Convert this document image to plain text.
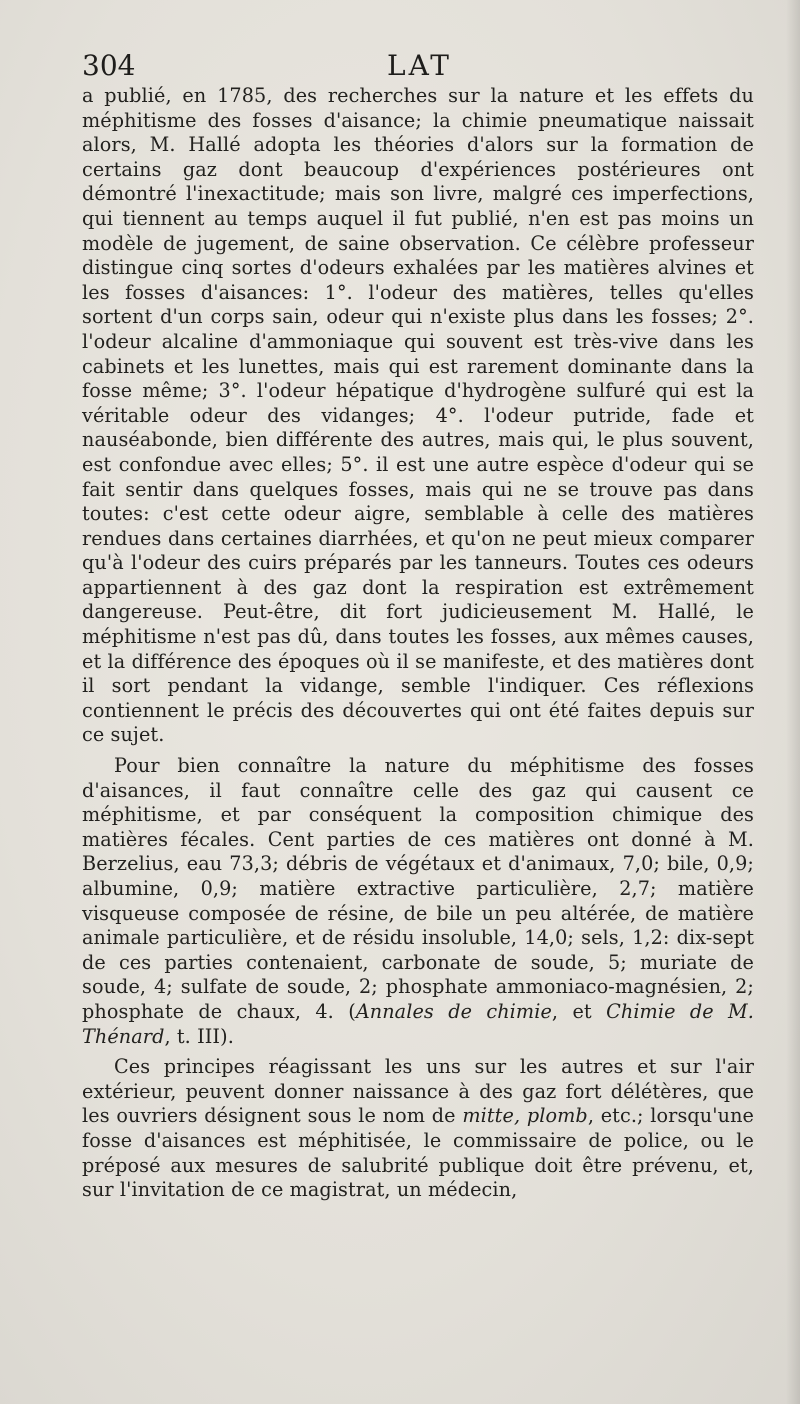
304	LAT

a publié, en 1785, des recherches sur la nature et les effets du méphitisme des fosses d'aisance; la chimie pneumatique naissait alors, M. Hallé adopta les théories d'alors sur la formation de certains gaz dont beaucoup d'expériences postérieures ont démontré l'inexactitude; mais son livre, malgré ces imperfections, qui tiennent au temps auquel il fut publié, n'en est pas moins un modèle de jugement, de saine observation. Ce célèbre professeur distingue cinq sortes d'odeurs exhalées par les matières alvines et les fosses d'aisances: 1°. l'odeur des matières, telles qu'elles sortent d'un corps sain, odeur qui n'existe plus dans les fosses; 2°. l'odeur alcaline d'ammoniaque qui souvent est très-vive dans les cabinets et les lunettes, mais qui est rarement dominante dans la fosse même; 3°. l'odeur hépatique d'hydrogène sulfuré qui est la véritable odeur des vidanges; 4°. l'odeur putride, fade et nauséabonde, bien différente des autres, mais qui, le plus souvent, est confondue avec elles; 5°. il est une autre espèce d'odeur qui se fait sentir dans quelques fosses, mais qui ne se trouve pas dans toutes: c'est cette odeur aigre, semblable à celle des matières rendues dans certaines diarrhées, et qu'on ne peut mieux comparer qu'à l'odeur des cuirs préparés par les tanneurs. Toutes ces odeurs appartiennent à des gaz dont la respiration est extrêmement dangereuse. Peut-être, dit fort judicieusement M. Hallé, le méphitisme n'est pas dû, dans toutes les fosses, aux mêmes causes, et la différence des époques où il se manifeste, et des matières dont il sort pendant la vidange, semble l'indiquer. Ces réflexions contiennent le précis des découvertes qui ont été faites depuis sur ce sujet.

Pour bien connaître la nature du méphitisme des fosses d'aisances, il faut connaître celle des gaz qui causent ce méphitisme, et par conséquent la composition chimique des matières fécales. Cent parties de ces matières ont donné à M. Berzelius, eau 73,3; débris de végétaux et d'animaux, 7,0; bile, 0,9; albumine, 0,9; matière extractive particulière, 2,7; matière visqueuse composée de résine, de bile un peu altérée, de matière animale particulière, et de résidu insoluble, 14,0; sels, 1,2: dix-sept de ces parties contenaient, carbonate de soude, 5; muriate de soude, 4; sulfate de soude, 2; phosphate ammoniaco-magnésien, 2; phosphate de chaux, 4. (Annales de chimie, et Chimie de M. Thénard, t. III).

Ces principes réagissant les uns sur les autres et sur l'air extérieur, peuvent donner naissance à des gaz fort délétères, que les ouvriers désignent sous le nom de mitte, plomb, etc.; lorsqu'une fosse d'aisances est méphitisée, le commissaire de police, ou le préposé aux mesures de salubrité publique doit être prévenu, et, sur l'invitation de ce magistrat, un médecin,
